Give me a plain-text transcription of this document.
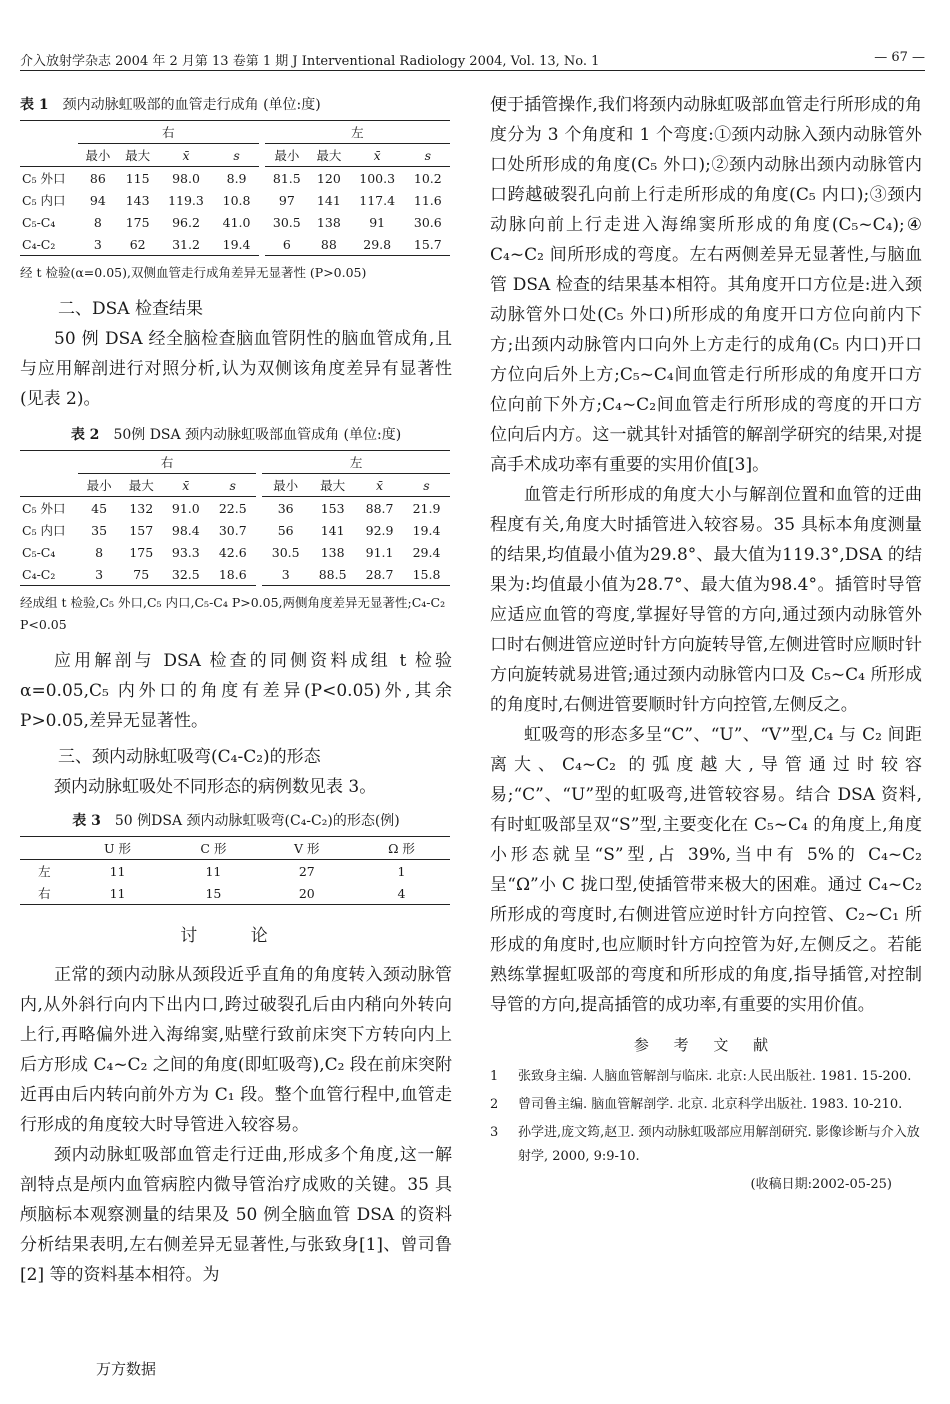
介入放射学杂志 2004 年 2 月第 13 卷第 1 期 J Interventional Radiology 2004, Vol. 13, No. 1	— 67 —
表 1 颈内动脉虹吸部的血管走行成角 (单位:度)
	右					左			
	最小	最大	x̄	s		最小	最大	x̄	s
C₅ 外口	86	115	98.0	8.9		81.5	120	100.3	10.2
C₅ 内口	94	143	119.3	10.8		97	141	117.4	11.6
C₅-C₄	8	175	96.2	41.0		30.5	138	91	30.6
C₄-C₂	3	62	31.2	19.4		6	88	29.8	15.7
经 t 检验(α=0.05),双侧血管走行成角差异无显著性 (P>0.05)
二、DSA 检查结果

50 例 DSA 经全脑检查脑血管阴性的脑血管成角,且与应用解剖进行对照分析,认为双侧该角度差异有显著性(见表 2)。

表 2 50例 DSA 颈内动脉虹吸部血管成角 (单位:度)
	右					左			
	最小	最大	x̄	s		最小	最大	x̄	s
C₅ 外口	45	132	91.0	22.5		36	153	88.7	21.9
C₅ 内口	35	157	98.4	30.7		56	141	92.9	19.4
C₅-C₄	8	175	93.3	42.6		30.5	138	91.1	29.4
C₄-C₂	3	75	32.5	18.6		3	88.5	28.7	15.8
经成组 t 检验,C₅ 外口,C₅ 内口,C₅-C₄ P>0.05,两侧角度差异无显著性;C₄-C₂ P<0.05

应用解剖与 DSA 检查的同侧资料成组 t 检验 α=0.05,C₅ 内外口的角度有差异(P<0.05)外,其余 P>0.05,差异无显著性。

三、颈内动脉虹吸弯(C₄-C₂)的形态

颈内动脉虹吸处不同形态的病例数见表 3。

表 3 50 例DSA 颈内动脉虹吸弯(C₄-C₂)的形态(例)
	U 形	C 形	V 形	Ω 形
左	11	11	27	1
右	11	15	20	4
讨 论

正常的颈内动脉从颈段近乎直角的角度转入颈动脉管内,从外斜行向内下出内口,跨过破裂孔后由内稍向外转向上行,再略偏外进入海绵窦,贴壁行致前床突下方转向内上后方形成 C₄~C₂ 之间的角度(即虹吸弯),C₂ 段在前床突附近再由后内转向前外方为 C₁ 段。整个血管行程中,血管走行形成的角度较大时导管进入较容易。

颈内动脉虹吸部血管走行迂曲,形成多个角度,这一解剖特点是颅内血管病腔内微导管治疗成败的关键。35 具颅脑标本观察测量的结果及 50 例全脑血管 DSA 的资料分析结果表明,左右侧差异无显著性,与张致身[1]、曾司鲁[2] 等的资料基本相符。为

万方数据

便于插管操作,我们将颈内动脉虹吸部血管走行所形成的角度分为 3 个角度和 1 个弯度:①颈内动脉入颈内动脉管外口处所形成的角度(C₅ 外口);②颈内动脉出颈内动脉管内口跨越破裂孔向前上行走所形成的角度(C₅ 内口);③颈内动脉向前上行走进入海绵窦所形成的角度(C₅~C₄);④ C₄~C₂ 间所形成的弯度。左右两侧差异无显著性,与脑血管 DSA 检查的结果基本相符。其角度开口方位是:进入颈动脉管外口处(C₅ 外口)所形成的角度开口方位向前内下方;出颈内动脉管内口向外上方走行的成角(C₅ 内口)开口方位向后外上方;C₅~C₄间血管走行所形成的角度开口方位向前下外方;C₄~C₂间血管走行所形成的弯度的开口方位向后内方。这一就其针对插管的解剖学研究的结果,对提高手术成功率有重要的实用价值[3]。

血管走行所形成的角度大小与解剖位置和血管的迂曲程度有关,角度大时插管进入较容易。35 具标本角度测量的结果,均值最小值为29.8°、最大值为119.3°,DSA 的结果为:均值最小值为28.7°、最大值为98.4°。插管时导管应适应血管的弯度,掌握好导管的方向,通过颈内动脉管外口时右侧进管应逆时针方向旋转导管,左侧进管时应顺时针方向旋转就易进管;通过颈内动脉管内口及 C₅~C₄ 所形成的角度时,右侧进管要顺时针方向控管,左侧反之。

虹吸弯的形态多呈“C”、“U”、“V”型,C₄ 与 C₂ 间距离大、C₄~C₂ 的弧度越大,导管通过时较容易;“C”、“U”型的虹吸弯,进管较容易。结合 DSA 资料,有时虹吸部呈双“S”型,主要变化在 C₅~C₄ 的角度上,角度小形态就呈“S”型,占 39%,当中有 5%的 C₄~C₂ 呈“Ω”小 C 拢口型,使插管带来极大的困难。通过 C₄~C₂ 所形成的弯度时,右侧进管应逆时针方向控管、C₂~C₁ 所形成的角度时,也应顺时针方向控管为好,左侧反之。若能熟练掌握虹吸部的弯度和所形成的角度,指导插管,对控制导管的方向,提高插管的成功率,有重要的实用价值。

参 考 文 献
1 张致身主编. 人脑血管解剖与临床. 北京:人民出版社. 1981. 15-200.
2 曾司鲁主编. 脑血管解剖学. 北京. 北京科学出版社. 1983. 10-210.
3 孙学进,庞文筠,赵卫. 颈内动脉虹吸部应用解剖研究. 影像诊断与介入放射学, 2000, 9:9-10.
(收稿日期:2002-05-25)
